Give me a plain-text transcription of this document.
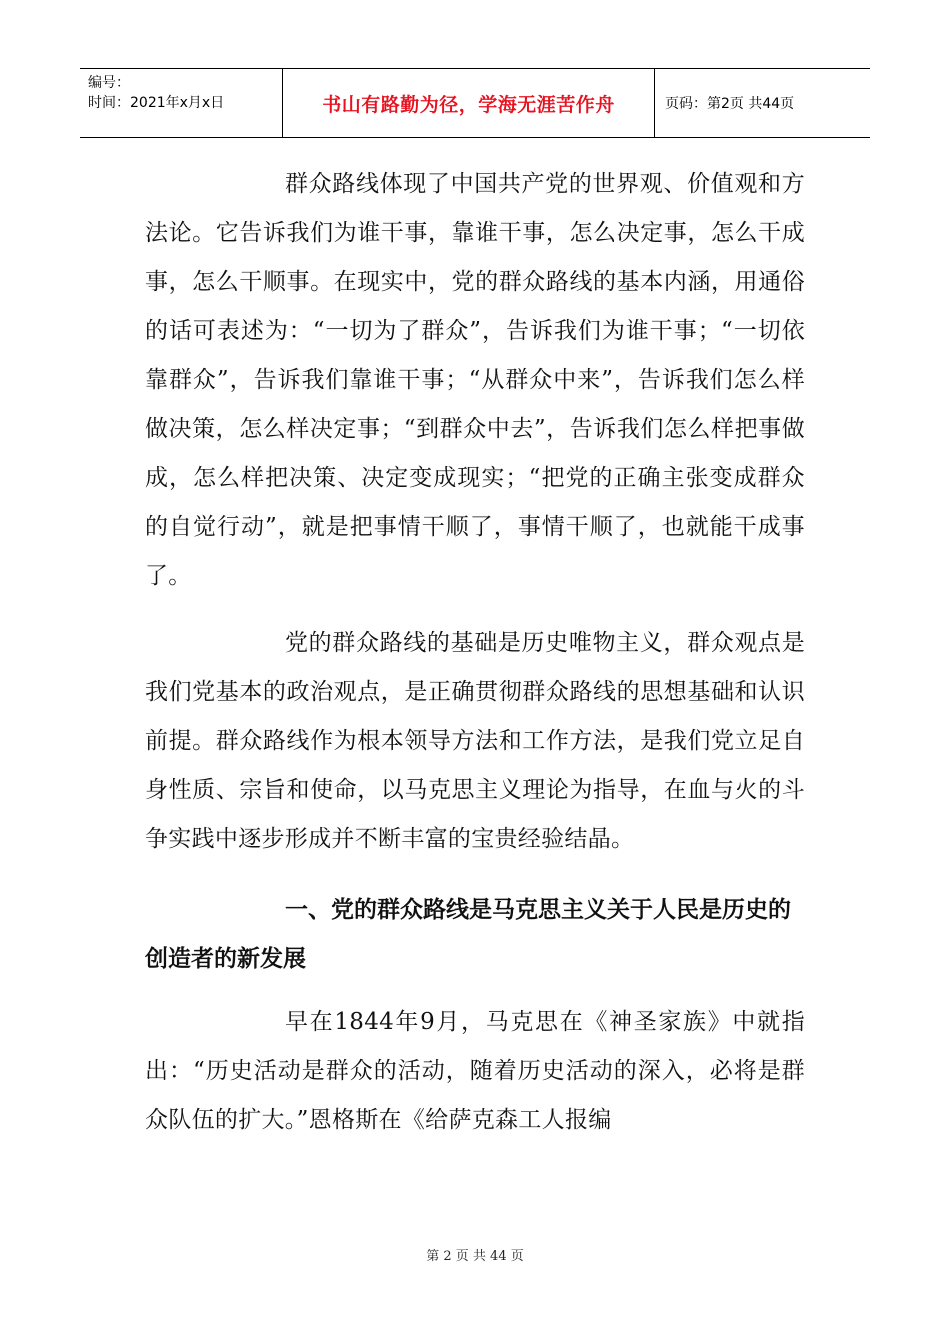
编号：
时间：2021年x月x日	书山有路勤为径，学海无涯苦作舟	页码：第2页 共44页

群众路线体现了中国共产党的世界观、价值观和方法论。它告诉我们为谁干事，靠谁干事，怎么决定事，怎么干成事，怎么干顺事。在现实中，党的群众路线的基本内涵，用通俗的话可表述为：“一切为了群众”，告诉我们为谁干事；“一切依靠群众”，告诉我们靠谁干事；“从群众中来”，告诉我们怎么样做决策，怎么样决定事；“到群众中去”，告诉我们怎么样把事做成，怎么样把决策、决定变成现实；“把党的正确主张变成群众的自觉行动”，就是把事情干顺了，事情干顺了，也就能干成事了。

党的群众路线的基础是历史唯物主义，群众观点是我们党基本的政治观点，是正确贯彻群众路线的思想基础和认识前提。群众路线作为根本领导方法和工作方法，是我们党立足自身性质、宗旨和使命，以马克思主义理论为指导，在血与火的斗争实践中逐步形成并不断丰富的宝贵经验结晶。

一、党的群众路线是马克思主义关于人民是历史的创造者的新发展

早在1844年9月，马克思在《神圣家族》中就指出：“历史活动是群众的活动，随着历史活动的深入，必将是群众队伍的扩大。”恩格斯在《给萨克森工人报编

第 2 页 共 44 页
